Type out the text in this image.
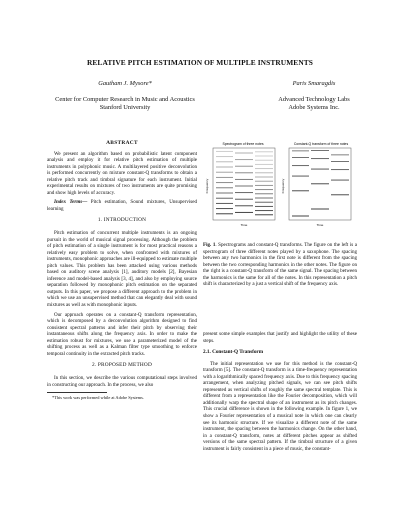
RELATIVE PITCH ESTIMATION OF MULTIPLE INSTRUMENTS
Gautham J. Mysore*
Center for Computer Research in Music and Acoustics
Stanford University
Paris Smaragdis
Advanced Technology Labs
Adobe Systems Inc.
ABSTRACT

We present an algorithm based on probabilistic latent component analysis and employ it for relative pitch estimation of multiple instruments in polyphonic music. A multilayered positive deconvolution is performed concurrently on mixture constant-Q transforms to obtain a relative pitch track and timbral signature for each instrument. Initial experimental results on mixtures of two instruments are quite promising and show high levels of accuracy.

Index Terms— Pitch estimation, Sound mixtures, Unsupervised learning

1. INTRODUCTION

Pitch estimation of concurrent multiple instruments is an ongoing pursuit in the world of musical signal processing. Although the problem of pitch estimation of a single instrument is for most practical reasons a relatively easy problem to solve, when confronted with mixtures of instruments, monophonic approaches are ill-equipped to estimate multiple pitch values. This problem has been attacked using various methods based on auditory scene analysis [1], auditory models [2], Bayesian inference and model-based analysis [3, 4], and also by employing source separation followed by monophonic pitch estimation on the separated outputs. In this paper, we propose a different approach to the problem in which we use an unsupervised method that can elegantly deal with sound mixtures as well as with monophonic inputs.

Our approach operates on a constant-Q transform representation, which is decomposed by a deconvolution algorithm designed to find consistent spectral patterns and infer their pitch by observing their instantaneous shifts along the frequency axis. In order to make the estimation robust for mixtures, we use a parameterized model of the shifting process as well as a Kalman filter type smoothing to enforce temporal continuity in the extracted pitch tracks.

2. PROPOSED METHOD

In this section, we describe the various computational steps involved in constructing our approach. In the process, we also

*This work was performed while at Adobe Systems.
Spectrogram of three notes
Frequency
Time
Constant-Q transform of three notes
Frequency
Time
Fig. 1. Spectrograms and constant-Q transforms. The figure on the left is a spectrogram of three different notes played by a saxophone. The spacing between any two harmonics in the first note is different from the spacing between the two corresponding harmonics in the other notes. The figure on the right is a constant-Q transform of the same signal. The spacing between the harmonics is the same for all of the notes. In this representation a pitch shift is characterized by a just a vertical shift of the frequency axis.

present some simple examples that justify and highlight the utility of these steps.

2.1. Constant-Q Transform

The initial representation we use for this method is the constant-Q transform [5]. The constant-Q transform is a time-frequency representation with a logarithmically spaced frequency axis. Due to this frequency spacing arrangement, when analyzing pitched signals, we can see pitch shifts represented as vertical shifts of roughly the same spectral template. This is different from a representation like the Fourier decomposition, which will additionally warp the spectral shape of an instrument as its pitch changes. This crucial difference is shown in the following example. In figure 1, we show a Fourier representation of a musical note in which one can clearly see its harmonic structure. If we visualize a different note of the same instrument, the spacing between the harmonics change. On the other hand, in a constant-Q transform, notes at different pitches appear as shifted versions of the same spectral pattern. If the timbral structure of a given instrument is fairly consistent in a piece of music, the constant-
